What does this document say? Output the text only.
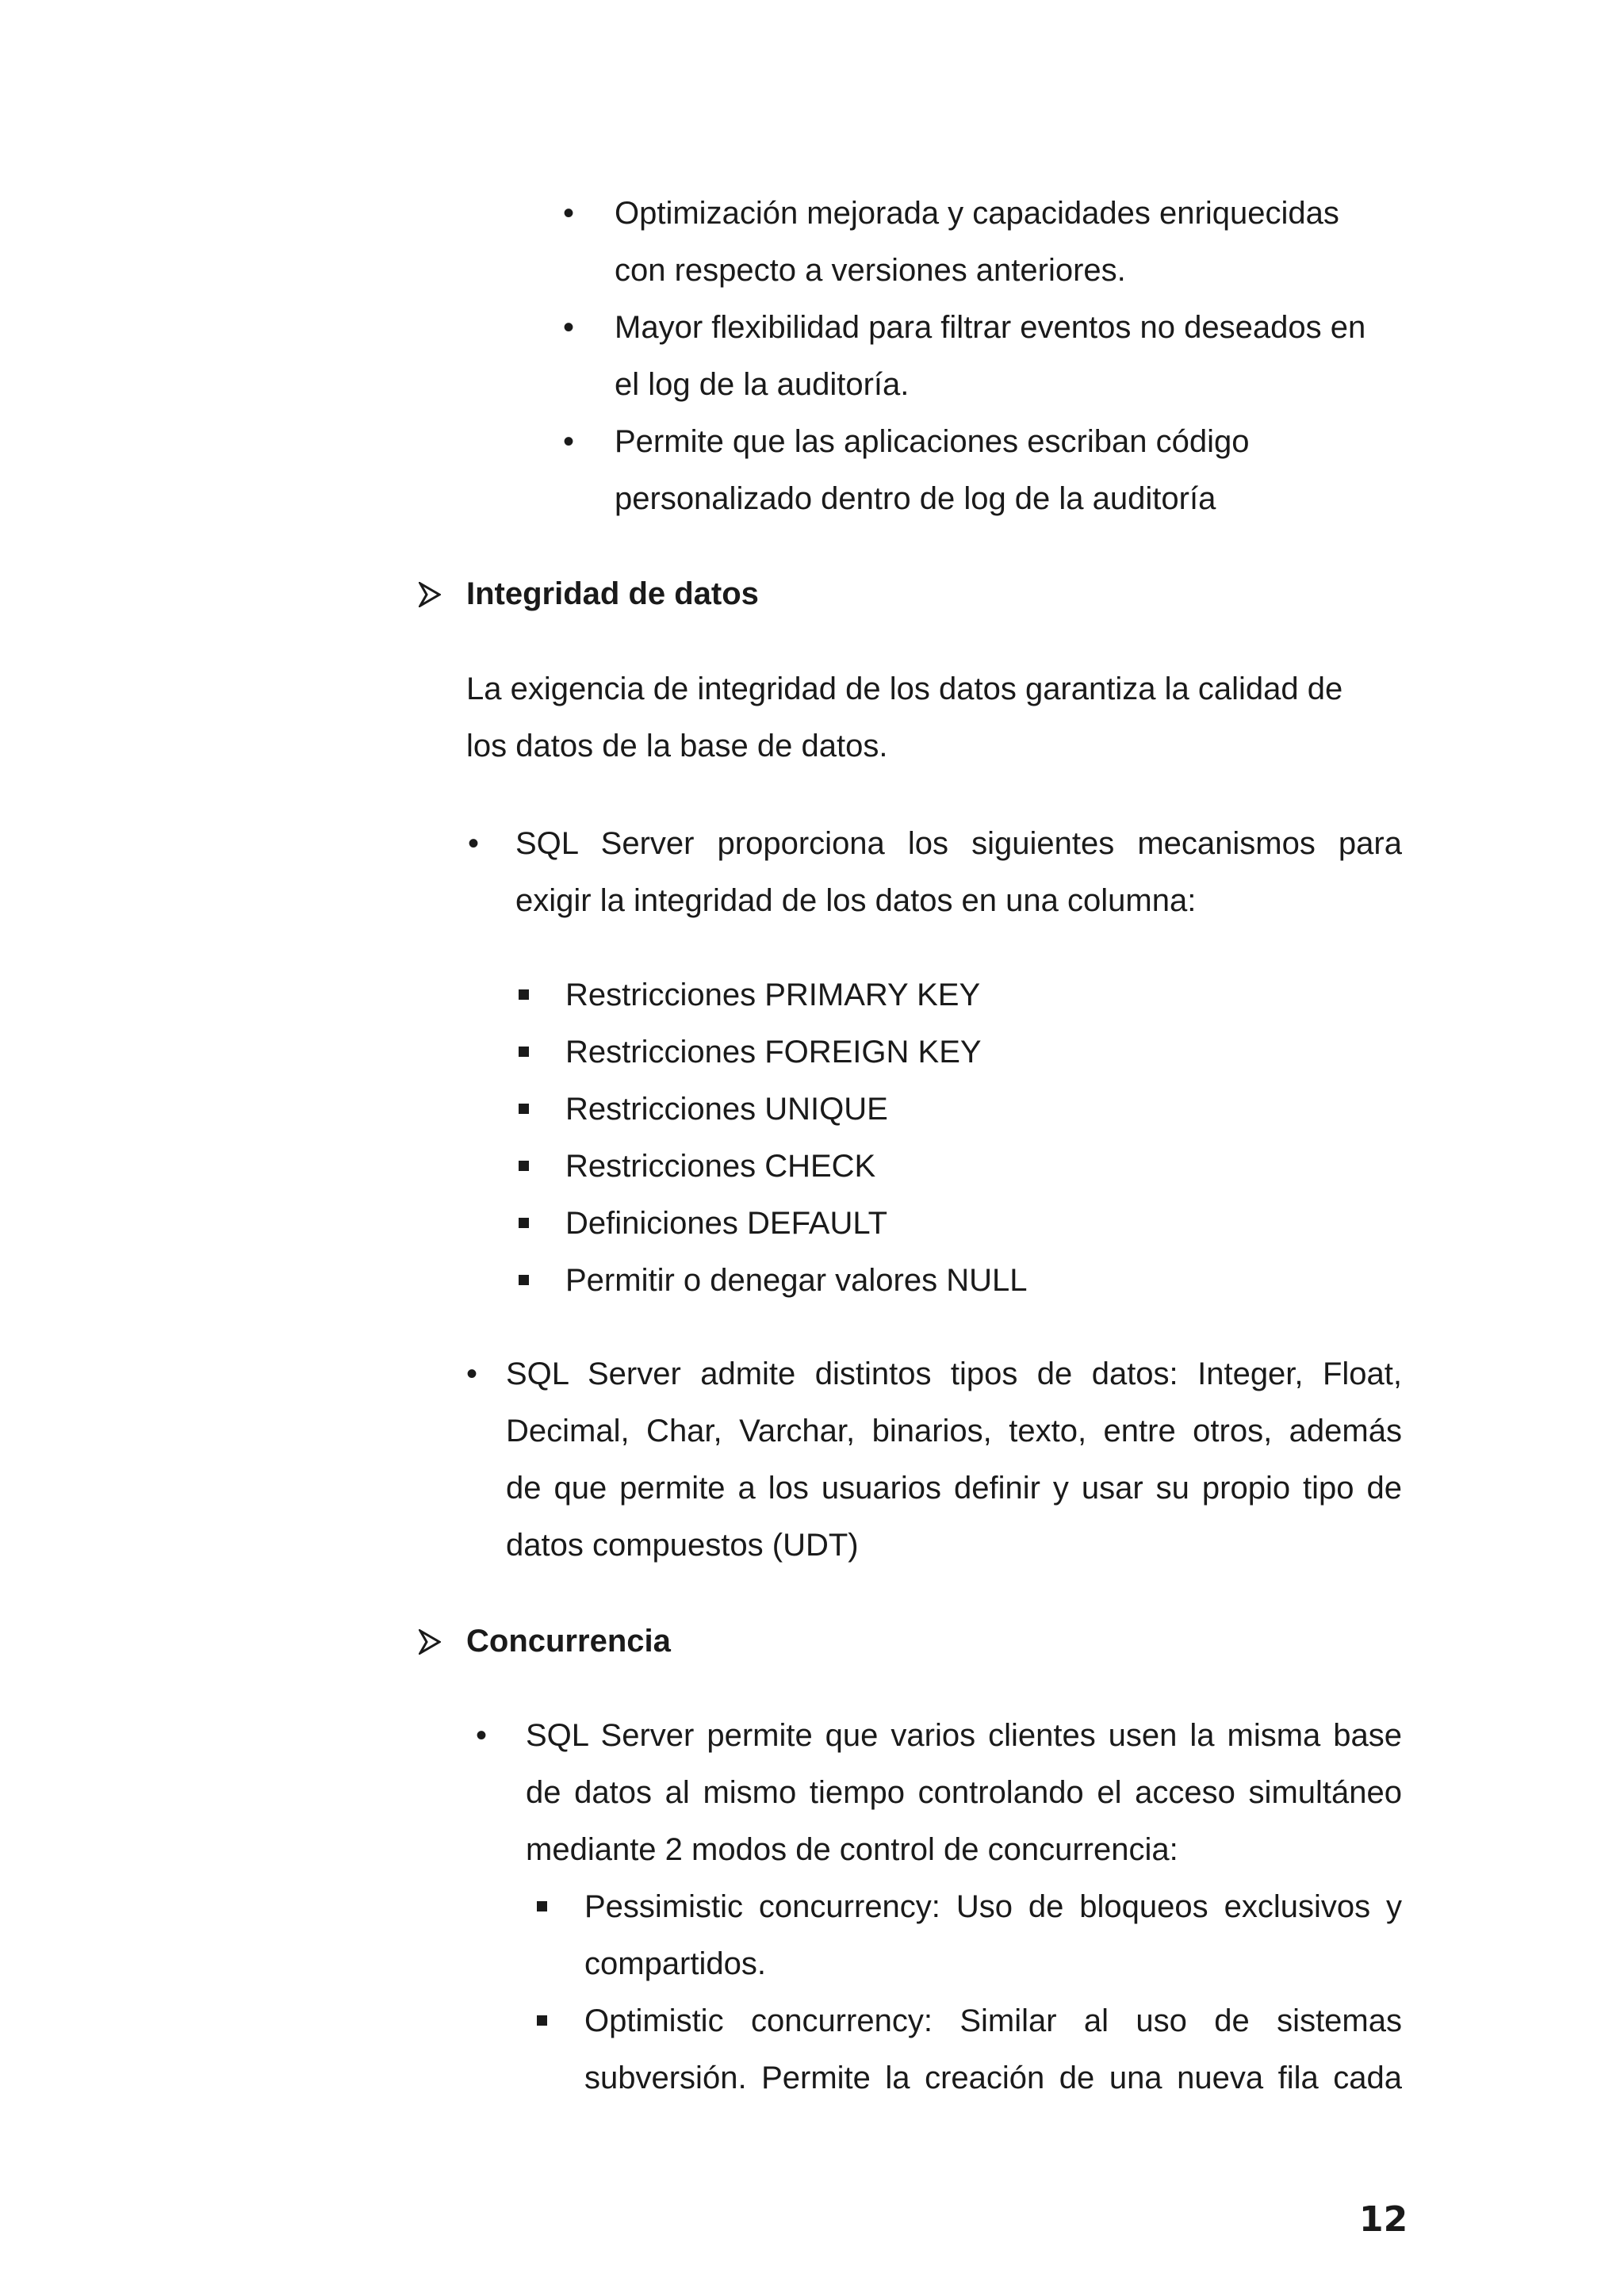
• Optimización mejorada y capacidades enriquecidas
con respecto a versiones anteriores.
• Mayor flexibilidad para filtrar eventos no deseados en
el log de la auditoría.
• Permite que las aplicaciones escriban código
personalizado dentro de log de la auditoría
Integridad de datos
La exigencia de integridad de los datos garantiza la calidad de
los datos de la base de datos.
• SQL Server proporciona los siguientes mecanismos para
exigir la integridad de los datos en una columna:
Restricciones PRIMARY KEY
Restricciones FOREIGN KEY
Restricciones UNIQUE
Restricciones CHECK
Definiciones DEFAULT
Permitir o denegar valores NULL
• SQL Server admite distintos tipos de datos: Integer, Float,
Decimal, Char, Varchar, binarios, texto, entre otros, además
de que permite a los usuarios definir y usar su propio tipo de
datos compuestos (UDT)
Concurrencia
• SQL Server permite que varios clientes usen la misma base
de datos al mismo tiempo controlando el acceso simultáneo
mediante 2 modos de control de concurrencia:
Pessimistic concurrency: Uso de bloqueos exclusivos y
compartidos.
Optimistic concurrency: Similar al uso de sistemas
subversión. Permite la creación de una nueva fila cada
12
